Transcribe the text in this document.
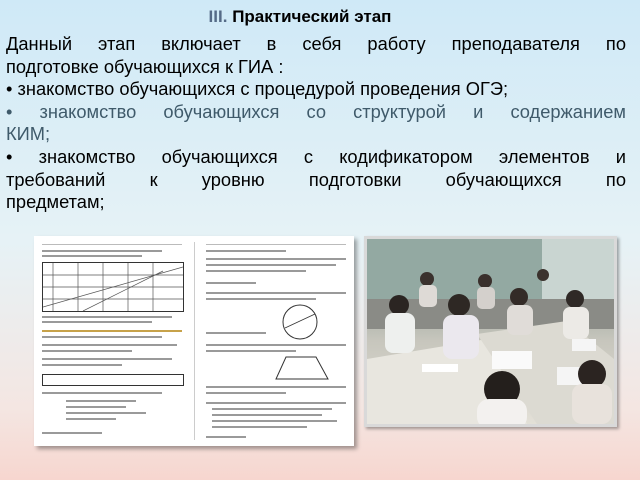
III. Практический этап

Данный этап включает в себя работу преподавателя по

подготовке обучающихся к ГИА :

• знакомство обучающихся с процедурой проведения ОГЭ;

• знакомство обучающихся со структурой и содержанием

КИМ;

• знакомство обучающихся с кодификатором элементов и

требований к уровню подготовки обучающихся по

предметам;
